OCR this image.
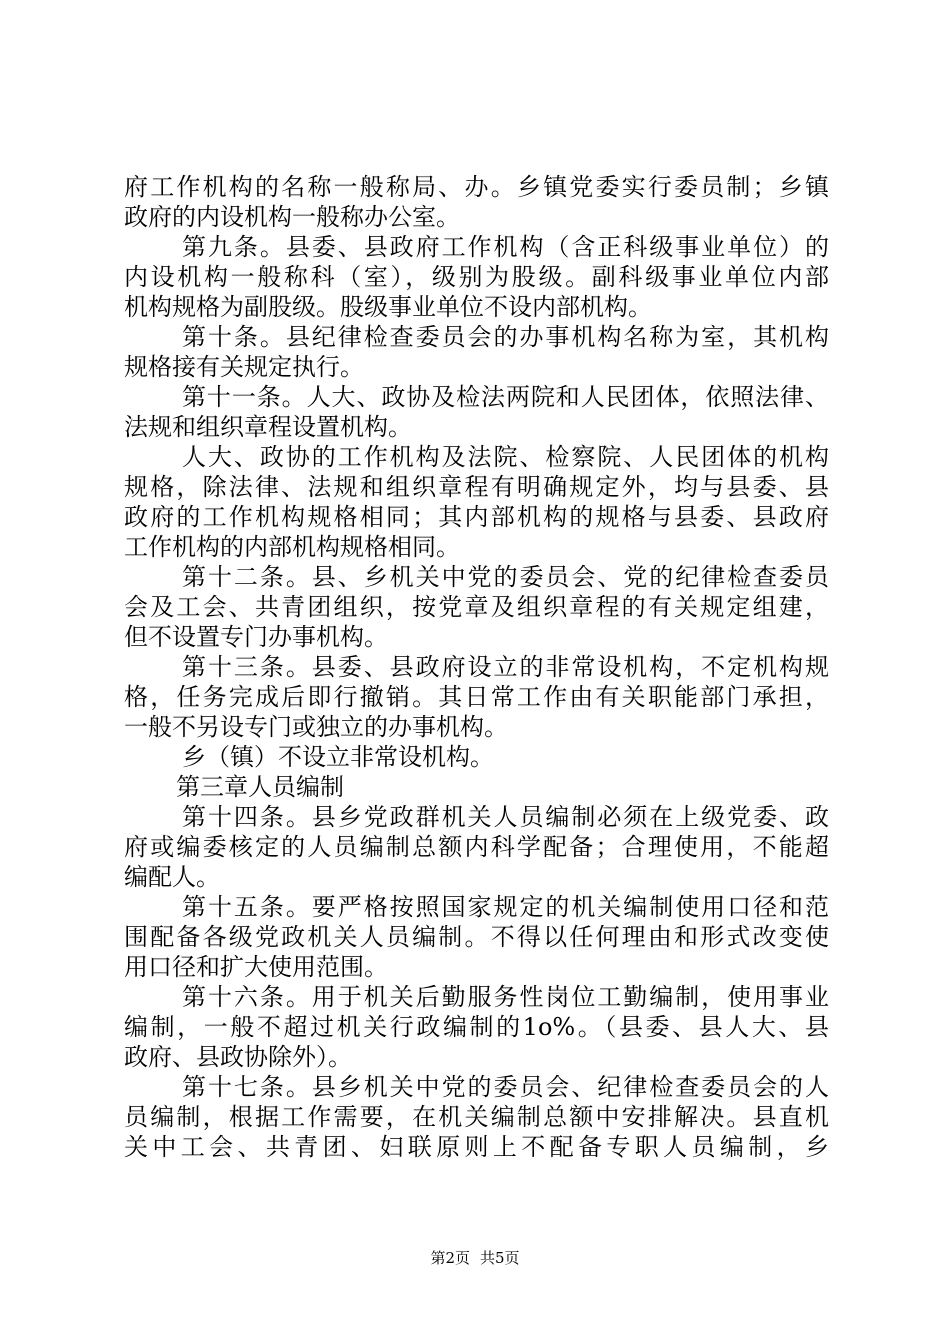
府工作机构的名称一般称局、办。乡镇党委实行委员制；乡镇
政府的内设机构一般称办公室。
第九条。县委、县政府工作机构（含正科级事业单位）的
内设机构一般称科（室），级别为股级。副科级事业单位内部
机构规格为副股级。股级事业单位不设内部机构。
第十条。县纪律检查委员会的办事机构名称为室，其机构
规格接有关规定执行。
第十一条。人大、政协及检法两院和人民团体，依照法律、
法规和组织章程设置机构。
人大、政协的工作机构及法院、检察院、人民团体的机构
规格，除法律、法规和组织章程有明确规定外，均与县委、县
政府的工作机构规格相同；其内部机构的规格与县委、县政府
工作机构的内部机构规格相同。
第十二条。县、乡机关中党的委员会、党的纪律检查委员
会及工会、共青团组织，按党章及组织章程的有关规定组建，
但不设置专门办事机构。
第十三条。县委、县政府设立的非常设机构，不定机构规
格，任务完成后即行撤销。其日常工作由有关职能部门承担，
一般不另设专门或独立的办事机构。
乡（镇）不设立非常设机构。
第三章人员编制
第十四条。县乡党政群机关人员编制必须在上级党委、政
府或编委核定的人员编制总额内科学配备；合理使用，不能超
编配人。
第十五条。要严格按照国家规定的机关编制使用口径和范
围配备各级党政机关人员编制。不得以任何理由和形式改变使
用口径和扩大使用范围。
第十六条。用于机关后勤服务性岗位工勤编制，使用事业
编制，一般不超过机关行政编制的1o%。（县委、县人大、县
政府、县政协除外）。
第十七条。县乡机关中党的委员会、纪律检查委员会的人
员编制，根据工作需要，在机关编制总额中安排解决。县直机
关中工会、共青团、妇联原则上不配备专职人员编制，乡
第2页 共5页
